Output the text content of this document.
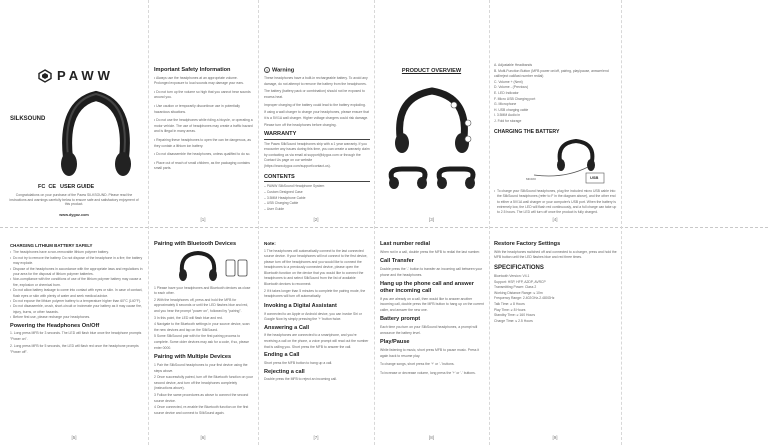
PAWW
SILKSOUND
FC CE USER GUIDE
Congratulations on your purchase of the Paww SILKSOUND. Please read the instructions and warnings carefully below to ensure safe and satisfactory enjoyment of this product.
www.dygoz.com
Important Safety Information

• Always use the headphones at an appropriate volume. Prolonged exposure to loud sounds may damage your ears.

• Do not turn up the volume so high that you cannot hear sounds around you.

• Use caution or temporarily discontinue use in potentially hazardous situations.

• Do not use the headphones while riding a bicycle, or operating a motor vehicle. The use of headphones may create a traffic hazard and is illegal in many areas.

• Repairing these headphones to open the can be dangerous, as they contain a lithium ion battery.

• Do not disassemble the headphones, unless qualified to do so.

• Place out of reach of small children, as the packaging contains small parts.

[1]
! Warning

These headphones have a built-in rechargeable battery. To avoid any damage, do not attempt to remove the battery from the headphones.

The battery (battery pack or combination) should not be exposed to excess heat.

Improper charging of the battery could lead to the battery exploding.

If using a wall charger to charge your headphones, please ensure that it is a 5V/1A wall charger. Higher voltage chargers could risk damage.

Please turn off the headphones before charging.

WARRANTY
The Paww SilkSound headphones ship with a 1 year warranty. If you encounter any issues during this time, you can create a warranty claim by contacting us via email at support@dygoz.com or through the Contact Us page on our website (https://www.dygoz.com/support/contact-us).
CONTENTS

– PAWW SilkSound Headphone System

– Custom Designed Case

– 3.5MM Headphone Cable

– USB Charging Cable

– User Guide

[2]
PRODUCT OVERVIEW
[3]

A. Adjustable Headbands

B. Multi-Function Button (MFB power on/off, pairing, play/pause, answer/end call/reject call/last number redial)

C. Volume + (Next)

D. Volume - (Previous)

E. LED Indicator

F. Micro USB Charging port

G. Microphone

H. USB charging cable

I. 3.5MM Audio in

J. Fold for storage

CHARGING THE BATTERY
MICRO	USB
• To charge your SilkSound headphones, plug the included micro USB cable into the SilkSound headphones (refer to F in the diagram above), and the other end to either a 5V/1A wall charger or your computer's USB port. When the battery is extremely low, the LED will flash red continuously, and a full charge can take up to 2.5 hours. The LED will turn off once the product is fully charged.
[4]
CHARGING LITHIUM BATTERY SAFELY
• The headphones have a non-removable lithium polymer battery.
• Do not try to remove the battery. Do not dispose of the headphone in a fire; the battery may explode.
• Dispose of the headphones in accordance with the appropriate laws and regulations in your area for the disposal of lithium polymer batteries.
• Non-compliance with the conditions of use of the lithium polymer battery may cause a fire, explosion or chemical burn.
• Do not allow battery leakage to come into contact with eyes or skin. In case of contact, flush eyes or skin with plenty of water and seek medical advice.
• Do not expose the lithium polymer battery to a temperature higher than 60°C (140°F).
• Do not disassemble, crush, short-circuit or incinerate your battery as it may cause fire, injury, burns, or other hazards.
• Before first use, please recharge your headphones.
Powering the Headphones On/Off

1. Long press MFB for 3 seconds. The LED will flash blue once the headphone prompts "Power on".

2. Long press MFB for 5 seconds, the LED will flash red once the headphone prompts "Power off".

[5]
Pairing with Bluetooth Devices

1 Please have your headphones and Bluetooth devices as close to each other.

2 With the headphones off, press and hold the MFB for approximately 6 seconds or until the LED flashes blue and red, and you hear the prompt "power on", followed by "pairing".

3 In this point, the LED will flash blue and red.

4 Navigate to the Bluetooth settings in your source device, scan the new devices and tap on the SilkSound.

5 Some SilkSound pair with for the first pairing process to complete. Some older devices may ask for a code, if so, please enter 0000.

Pairing with Multiple Devices

1 Pair the SilkSound headphones to your first device using the steps above.

2 Once successfully paired, turn off the Bluetooth function on your second device, and turn off the headphones completely (instructions above).

3 Follow the same procedures as above to connect the second source device.

4 Once connected, re-enable the Bluetooth function on the first source device and connect to SilkSound again.

[6]
Note:

1 The headphones will automatically connect to the last connected source device. If your headphones will not connect to the first device, please turn off the headphones and you would like to connect the headphones to a previously connected device, please open the Bluetooth function on the device that you would like to connect the headphones to and select SilkSound from the list of available Bluetooth devices to reconnect.

2 If it takes longer than 5 minutes to complete the pairing mode, the headphones will turn off automatically.

Invoking a Digital Assistant
If connected to an Apple or Android device, you can invoke Siri or Google Now by simply pressing the '+' button twice.
Answering a Call
If the headphones are connected to a smartphone, and you're receiving a call on the phone, a voice prompt will read out the number that is calling you. Short press the MFB to answer the call.
Ending a Call
Short press the MFB button to hang up a call.
Rejecting a call
Double press the MFB to reject an incoming call.
[7]
Last number redial
When not in a call, double press the MFB to redial the last number.
Call Transfer
Double press the '-' button to transfer an incoming call between your phone and the headphones.
Hang up the phone call and answer other incoming call
If you are already on a call, then would like to answer another incoming call, double press the MFB button to hang up on the current caller, and answer the new one.
Battery prompt
Each time you turn on your SilkSound headphones, a prompt will announce the battery level.
Play/Pause

While listening to music, short press MFB to pause music. Press it again back to resume play.

To change songs, short press the '+' or '-' buttons.

To increase or decrease volume, long press the '+' or '-' buttons.

[8]
Restore Factory Settings
With the headphones switched off and connected to a charger, press and hold the MFB button until the LED flashes blue and red three times.
SPECIFICATIONS

Bluetooth Version: V4.1

Support: HSP, HFP, A2DP, AVRCP

Transmitting Power: Class 2

Working Distance Range: ≤ 10m

Frequency Range: 2.402GHz-2.480GHz

Talk Time: ≥ 8 Hours

Play Time: ≥ 8 Hours

Standby Time: ≥ 160 Hours

Charge Time: ≤ 2.5 Hours

[9]
